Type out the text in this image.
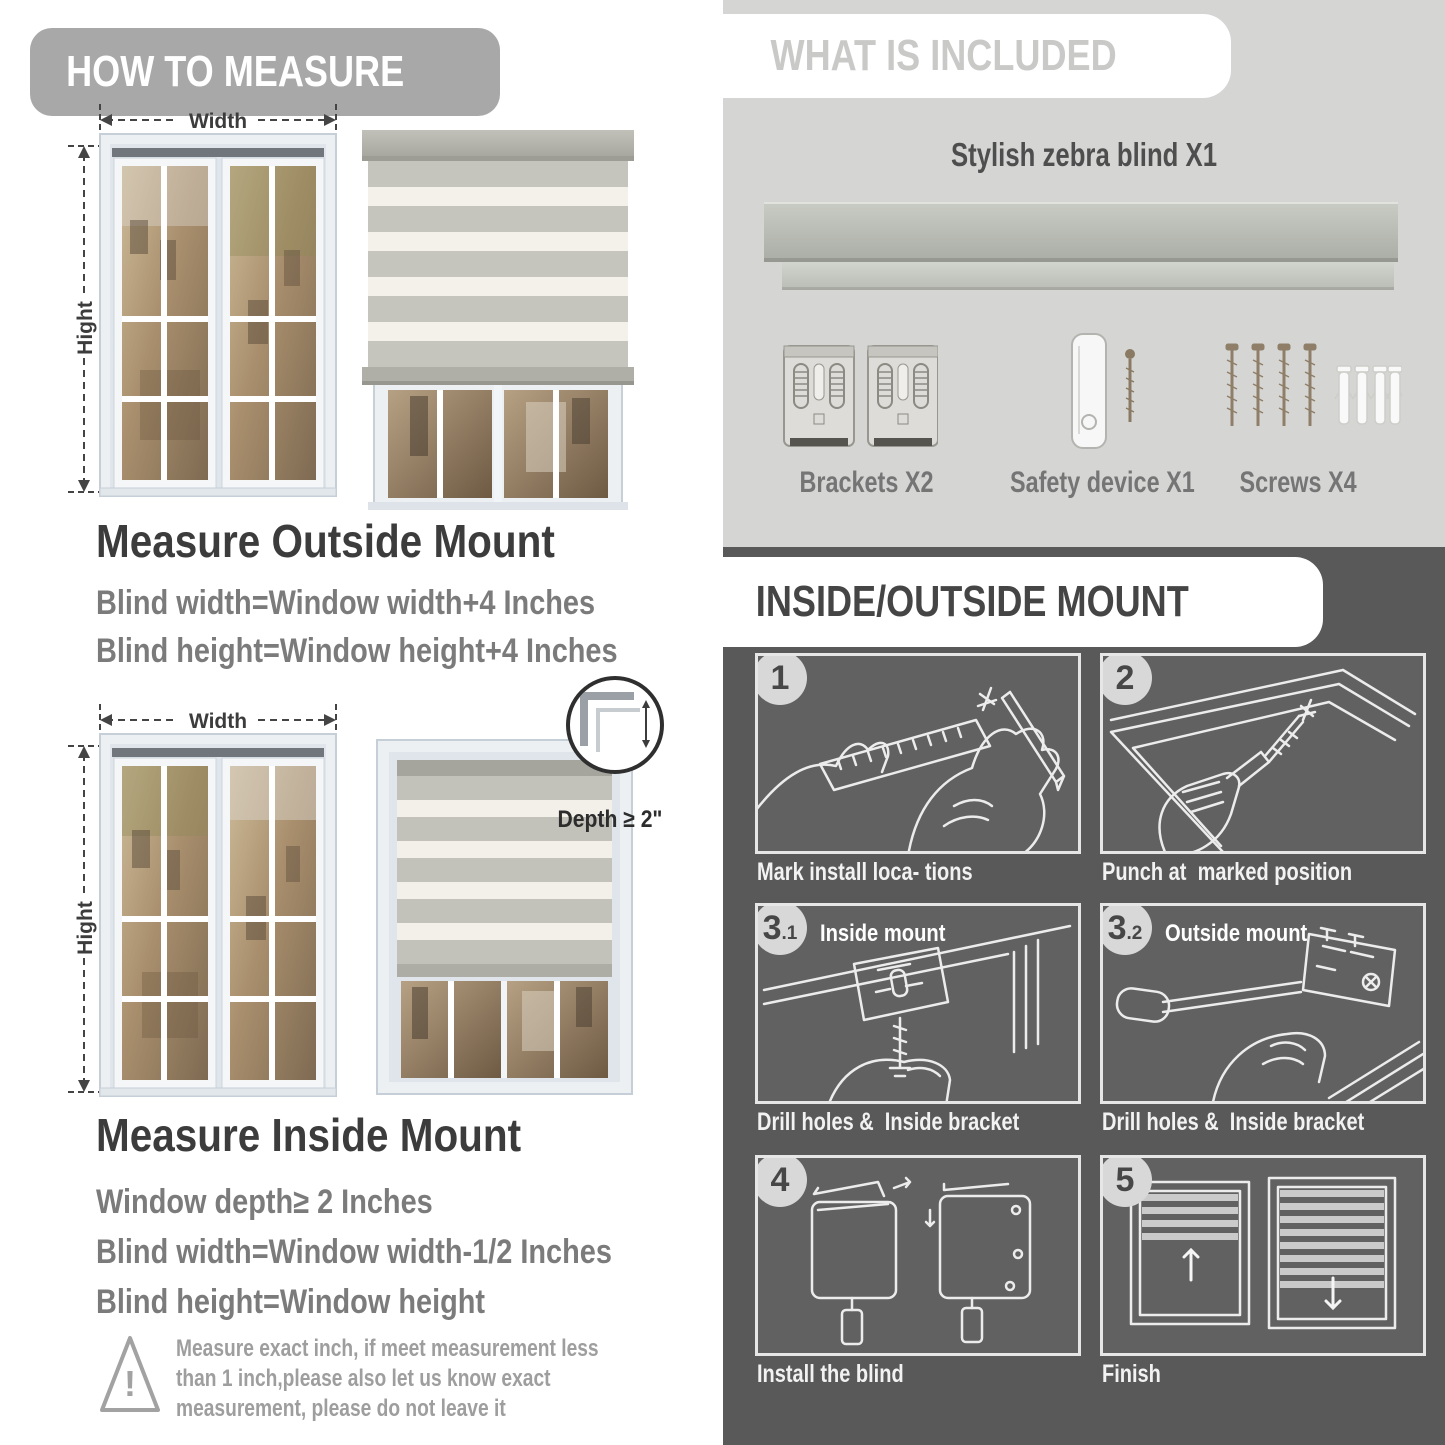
HOW TO MEASURE
Width
Hight
Measure Outside Mount
Blind width=Window width+4 Inches
Blind height=Window height+4 Inches
Width
Hight
Depth ≥ 2"
Measure Inside Mount
Window depth≥ 2 Inches
Blind width=Window width-1/2 Inches
Blind height=Window height
!
Measure exact inch, if meet measurement less
than 1 inch,please also let us know exact
measurement, please do not leave it
WHAT IS INCLUDED
Stylish zebra blind X1
Brackets X2	Safety device X1 Screws X4
INSIDE/OUTSIDE MOUNT
1	2
3.1 Inside mount	3.2 Outside mount
4	5
Mark install loca- tions	Punch at  marked position
Drill holes &  Inside bracket	Drill holes &  Inside bracket
Install the blind	Finish
